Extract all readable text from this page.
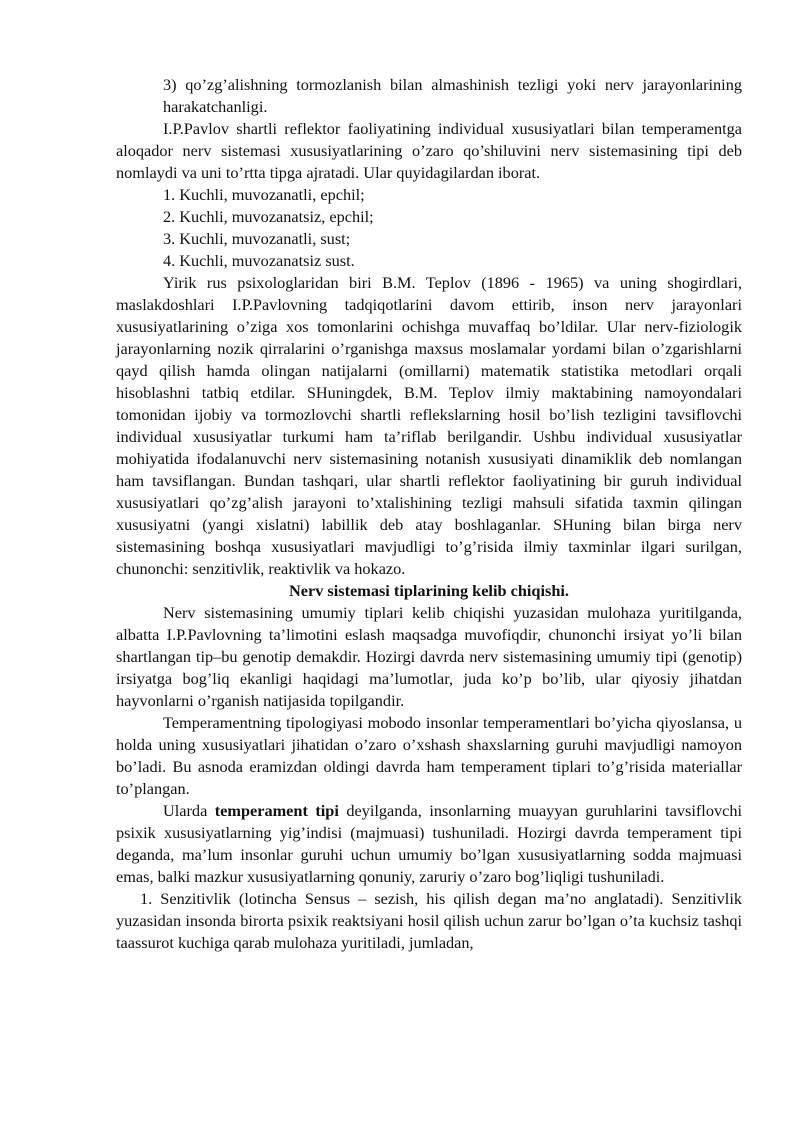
3) qo’zg’alishning tormozlanish bilan almashinish tezligi yoki nerv jarayonlarining harakatchanligi.

I.P.Pavlov shartli reflektor faoliyatining individual xususiyatlari bilan temperamentga aloqador nerv sistemasi xususiyatlarining o’zaro qo’shiluvini nerv sistemasining tipi deb nomlaydi va uni to’rtta tipga ajratadi. Ular quyidagilardan iborat.

1. Kuchli, muvozanatli, epchil;

2. Kuchli, muvozanatsiz, epchil;

3. Kuchli, muvozanatli, sust;

4. Kuchli, muvozanatsiz sust.

Yirik rus psixologlaridan biri B.M. Teplov (1896 - 1965) va uning shogirdlari, maslakdoshlari I.P.Pavlovning tadqiqotlarini davom ettirib, inson nerv jarayonlari xususiyatlarining o’ziga xos tomonlarini ochishga muvaffaq bo’ldilar. Ular nerv-fiziologik jarayonlarning nozik qirralarini o’rganishga maxsus moslamalar yordami bilan o’zgarishlarni qayd qilish hamda olingan natijalarni (omillarni) matematik statistika metodlari orqali hisoblashni tatbiq etdilar. SHuningdek, B.M. Teplov ilmiy maktabining namoyondalari tomonidan ijobiy va tormozlovchi shartli reflekslarning hosil bo’lish tezligini tavsiflovchi individual xususiyatlar turkumi ham ta’riflab berilgandir. Ushbu individual xususiyatlar mohiyatida ifodalanuvchi nerv sistemasining notanish xususiyati dinamiklik deb nomlangan ham tavsiflangan. Bundan tashqari, ular shartli reflektor faoliyatining bir guruh individual xususiyatlari qo’zg’alish jarayoni to’xtalishining tezligi mahsuli sifatida taxmin qilingan xususiyatni (yangi xislatni) labillik deb atay boshlaganlar. SHuning bilan birga nerv sistemasining boshqa xususiyatlari mavjudligi to’g’risida ilmiy taxminlar ilgari surilgan, chunonchi: senzitivlik, reaktivlik va hokazo.

Nerv sistemasi tiplarining kelib chiqishi.

Nerv sistemasining umumiy tiplari kelib chiqishi yuzasidan mulohaza yuritilganda, albatta I.P.Pavlovning ta’limotini eslash maqsadga muvofiqdir, chunonchi irsiyat yo’li bilan shartlangan tip–bu genotip demakdir. Hozirgi davrda nerv sistemasining umumiy tipi (genotip) irsiyatga bog’liq ekanligi haqidagi ma’lumotlar, juda ko’p bo’lib, ular qiyosiy jihatdan hayvonlarni o’rganish natijasida topilgandir.

Temperamentning tipologiyasi mobodo insonlar temperamentlari bo’yicha qiyoslansa, u holda uning xususiyatlari jihatidan o’zaro o’xshash shaxslarning guruhi mavjudligi namoyon bo’ladi. Bu asnoda eramizdan oldingi davrda ham temperament tiplari to’g’risida materiallar to’plangan.

Ularda temperament tipi deyilganda, insonlarning muayyan guruhlarini tavsiflovchi psixik xususiyatlarning yig’indisi (majmuasi) tushuniladi. Hozirgi davrda temperament tipi deganda, ma’lum insonlar guruhi uchun umumiy bo’lgan xususiyatlarning sodda majmuasi emas, balki mazkur xususiyatlarning qonuniy, zaruriy o’zaro bog’liqligi tushuniladi.

1. Senzitivlik (lotincha Sensus – sezish, his qilish degan ma’no anglatadi). Senzitivlik yuzasidan insonda birorta psixik reaktsiyani hosil qilish uchun zarur bo’lgan o’ta kuchsiz tashqi taassurot kuchiga qarab mulohaza yuritiladi, jumladan,
